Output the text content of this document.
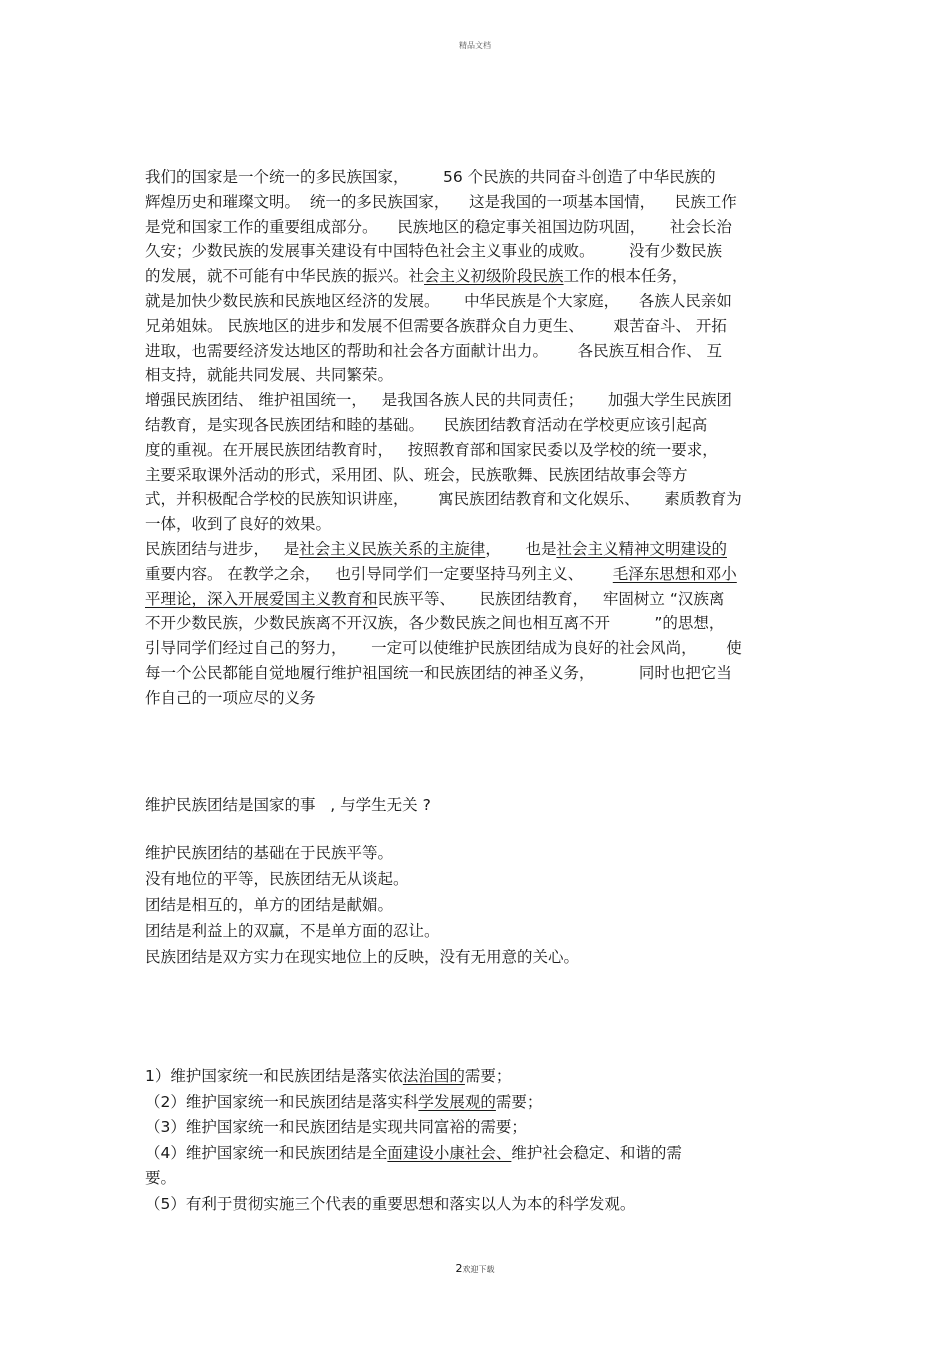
精品文档
我们的国家是一个统一的多民族国家，       56 个民族的共同奋斗创造了中华民族的
辉煌历史和璀璨文明。  统一的多民族国家，    这是我国的一项基本国情，    民族工作
是党和国家工作的重要组成部分。    民族地区的稳定事关祖国边防巩固，     社会长治
久安；少数民族的发展事关建设有中国特色社会主义事业的成败。       没有少数民族
的发展，就不可能有中华民族的振兴。社会主义初级阶段民族工作的根本任务，
就是加快少数民族和民族地区经济的发展。     中华民族是个大家庭，    各族人民亲如
兄弟姐妹。 民族地区的进步和发展不但需要各族群众自力更生、      艰苦奋斗、 开拓
进取，也需要经济发达地区的帮助和社会各方面献计出力。      各民族互相合作、 互
相支持，就能共同发展、共同繁荣。
增强民族团结、 维护祖国统一，   是我国各族人民的共同责任；     加强大学生民族团
结教育，是实现各民族团结和睦的基础。    民族团结教育活动在学校更应该引起高
度的重视。在开展民族团结教育时，   按照教育部和国家民委以及学校的统一要求，
主要采取课外活动的形式，采用团、队、班会，民族歌舞、民族团结故事会等方
式，并积极配合学校的民族知识讲座，      寓民族团结教育和文化娱乐、     素质教育为
一体，收到了良好的效果。
民族团结与进步，   是社会主义民族关系的主旋律，     也是社会主义精神文明建设的
重要内容。 在教学之余，   也引导同学们一定要坚持马列主义、      毛泽东思想和邓小
平理论，深入开展爱国主义教育和民族平等、     民族团结教育，   牢固树立 “汉族离
不开少数民族，少数民族离不开汉族，各少数民族之间也相互离不开         ”的思想，
引导同学们经过自己的努力，     一定可以使维护民族团结成为良好的社会风尚，      使
每一个公民都能自觉地履行维护祖国统一和民族团结的神圣义务，         同时也把它当
作自己的一项应尽的义务
维护民族团结是国家的事   , 与学生无关 ?
维护民族团结的基础在于民族平等。
没有地位的平等，民族团结无从谈起。
团结是相互的，单方的团结是献媚。
团结是利益上的双赢，不是单方面的忍让。
民族团结是双方实力在现实地位上的反映，没有无用意的关心。
1）维护国家统一和民族团结是落实依法治国的需要；
（2）维护国家统一和民族团结是落实科学发展观的需要；
（3）维护国家统一和民族团结是实现共同富裕的需要；
（4）维护国家统一和民族团结是全面建设小康社会、维护社会稳定、和谐的需
要。
（5）有利于贯彻实施三个代表的重要思想和落实以人为本的科学发观。
2欢迎下载
